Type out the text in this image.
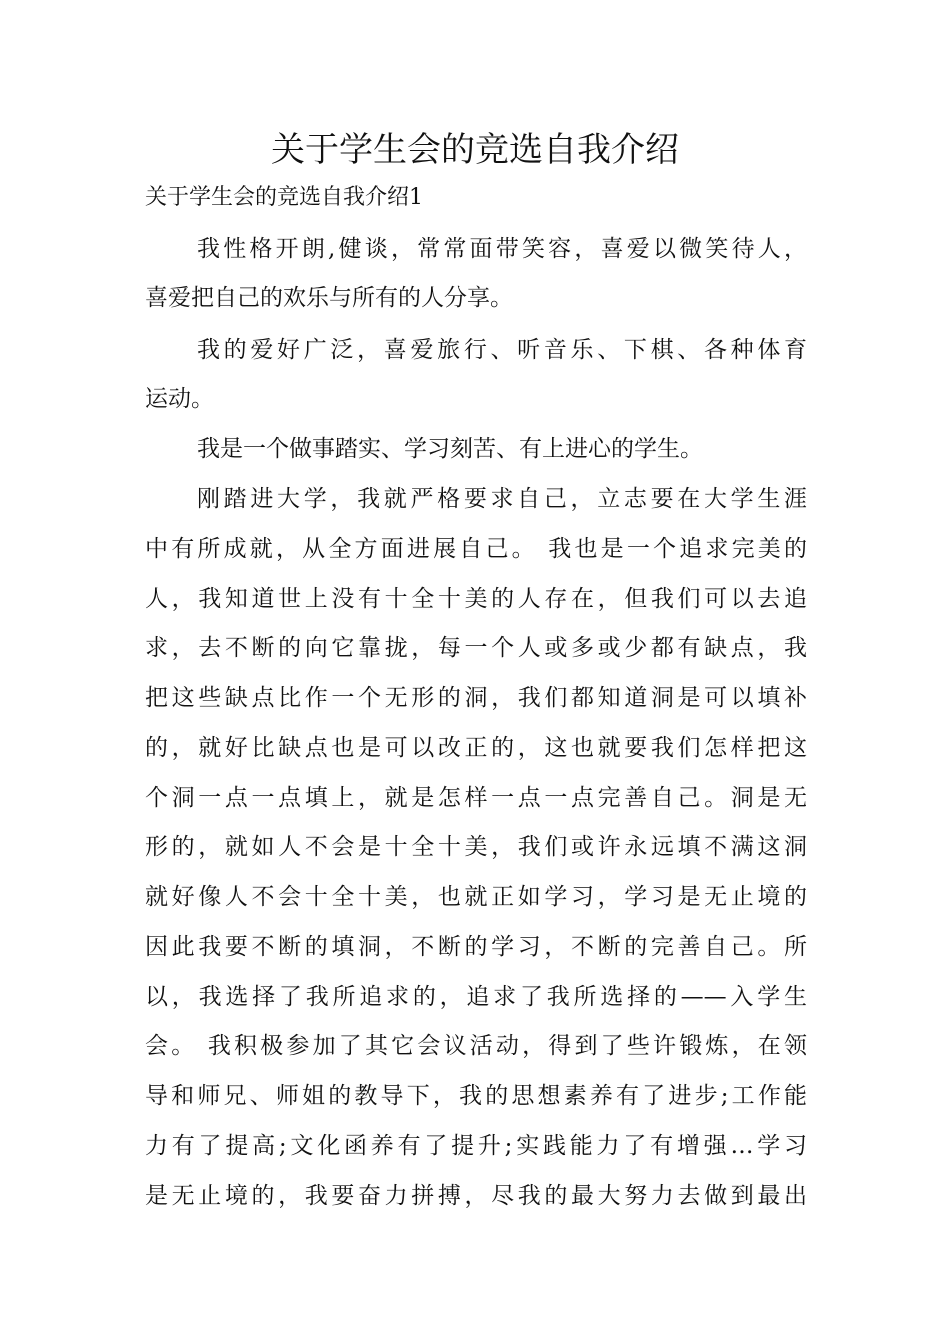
关于学生会的竞选自我介绍

关于学生会的竞选自我介绍1

我性格开朗,健谈，常常面带笑容，喜爱以微笑待人，

喜爱把自己的欢乐与所有的人分享。

我的爱好广泛，喜爱旅行、听音乐、下棋、各种体育

运动。

我是一个做事踏实、学习刻苦、有上进心的学生。

刚踏进大学，我就严格要求自己，立志要在大学生涯

中有所成就，从全方面进展自己。 我也是一个追求完美的

人，我知道世上没有十全十美的人存在，但我们可以去追

求，去不断的向它靠拢，每一个人或多或少都有缺点，我

把这些缺点比作一个无形的洞，我们都知道洞是可以填补

的，就好比缺点也是可以改正的，这也就要我们怎样把这

个洞一点一点填上，就是怎样一点一点完善自己。洞是无

形的，就如人不会是十全十美，我们或许永远填不满这洞

就好像人不会十全十美，也就正如学习，学习是无止境的

因此我要不断的填洞，不断的学习，不断的完善自己。所

以，我选择了我所追求的，追求了我所选择的——入学生

会。 我积极参加了其它会议活动，得到了些许锻炼，在领

导和师兄、师姐的教导下，我的思想素养有了进步;工作能

力有了提高;文化函养有了提升;实践能力了有增强…学习

是无止境的，我要奋力拼搏，尽我的最大努力去做到最出
